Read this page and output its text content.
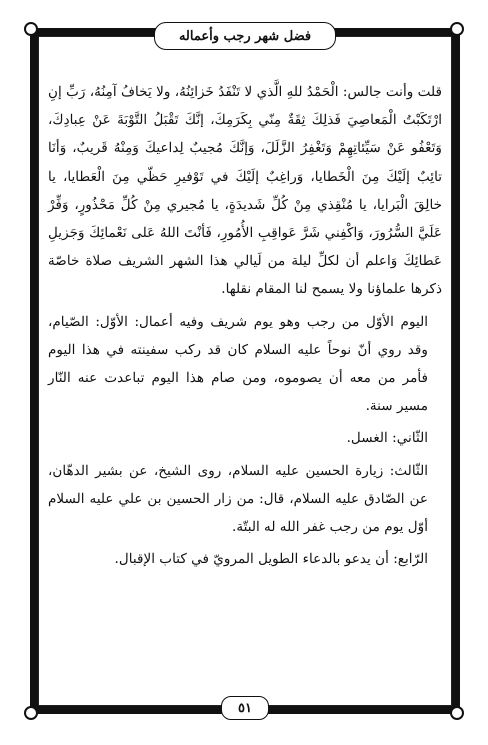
فضل شهر رجب وأعماله

قلت وأنت جالس: الْحَمْدُ للهِ الَّذي لا تَنْفَدُ خَزائِنُهُ، ولا يَخافُ آمِنُهُ، رَبِّ إنِ ارْتَكَبْتُ الْمَعاصِيَ فَذلِكَ ثِقَةٌ مِنّي بِكَرَمِكَ، إنَّكَ تَقْبَلُ التَّوْبَةَ عَنْ عِبادِكَ، وَتَعْفُو عَنْ سَيِّئاتِهِمْ وَتَغْفِرُ الزَّلَلَ، وَإنَّكَ مُجيبٌ لِداعيكَ وَمِنْهُ قَريبٌ، وَأنَا تائِبٌ إلَيْكَ مِنَ الْخَطايا، وَراغِبٌ إلَيْكَ في تَوْفيرِ حَظّي مِنَ الْعَطايا، يا خالِقَ الْبَرايا، يا مُنْقِذي مِنْ كُلِّ شَديدَةٍ، يا مُجيري مِنْ كُلِّ مَحْذُورٍ، وَفِّرْ عَلَيَّ السُّرُورَ، وَاكْفِني شَرَّ عَواقِبِ الأُمُورِ، فَأنْتَ اللهُ عَلى نَعْمائِكَ وَجَزيلِ عَطائِكَ وَاعلم أن لكلِّ ليلة من لَيالي هذا الشهر الشريف صلاة خاصّة ذكرها علماؤنا ولا يسمح لنا المقام نقلها.

اليوم الأوّل من رجب وهو يوم شريف وفيه أعمال: الأوّل: الصّيام، وقد روي أنّ نوحاً عليه السلام كان قد ركب سفينته في هذا اليوم فأمر من معه أن يصوموه، ومن صام هذا اليوم تباعدت عنه النّار مسير سنة.

الثّاني: الغسل.

الثّالث: زيارة الحسين عليه السلام، روى الشيخ، عن بشير الدهّان، عن الصّادق عليه السلام، قال: من زار الحسين بن علي عليه السلام أوّل يوم من رجب غفر الله له البتّة.

الرّابع: أن يدعو بالدعاء الطويل المرويّ في كتاب الإقبال.

٥١
